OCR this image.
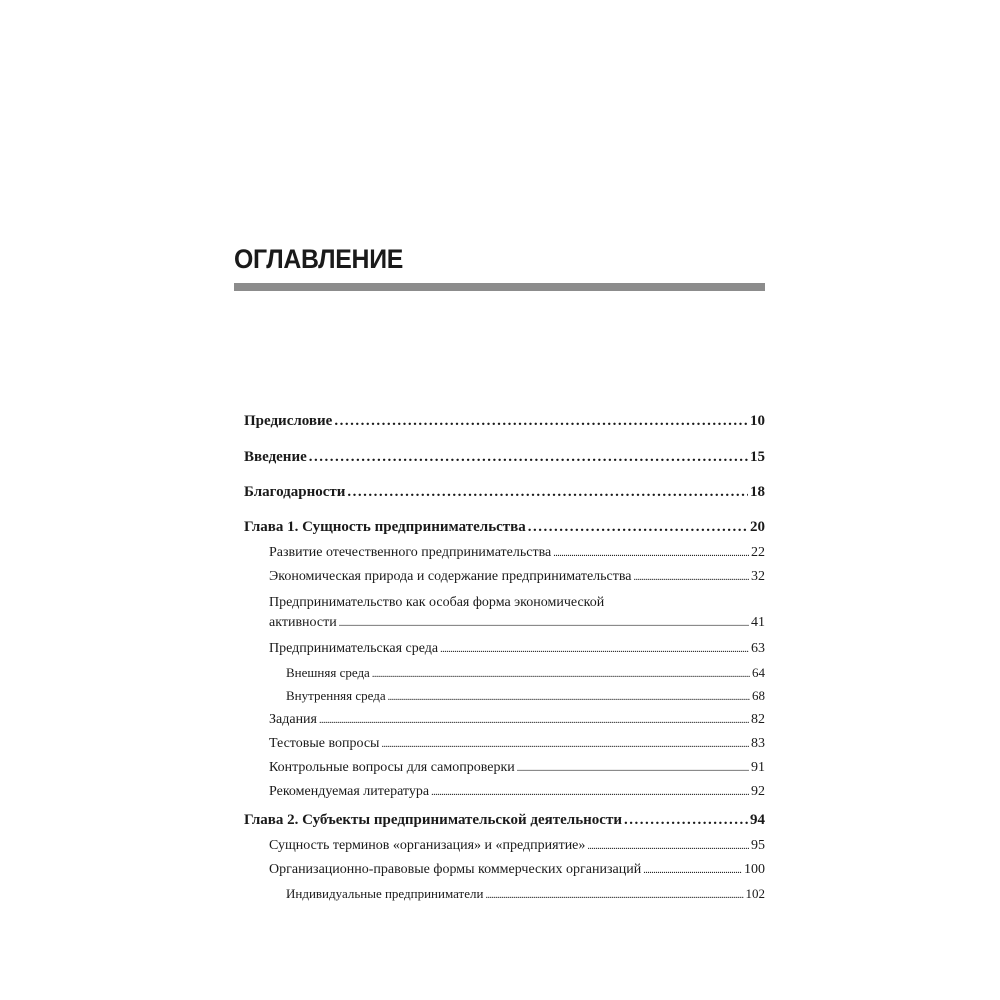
ОГЛАВЛЕНИЕ
Предисловие .....	10
Введение .....	15
Благодарности .....	18
Глава 1. Сущность предпринимательства .....	20
Развитие отечественного предпринимательства .....	22
Экономическая природа и содержание предпринимательства .....	32
Предпринимательство как особая форма экономической
активности .....	41
Предпринимательская среда .....	63
Внешняя среда .....	64
Внутренняя среда .....	68
Задания .....	82
Тестовые вопросы .....	83
Контрольные вопросы для самопроверки .....	91
Рекомендуемая литература .....	92
Глава 2. Субъекты предпринимательской деятельности .....	94
Сущность терминов «организация» и «предприятие» .....	95
Организационно-правовые формы коммерческих организаций .....	100
Индивидуальные предприниматели .....	102
